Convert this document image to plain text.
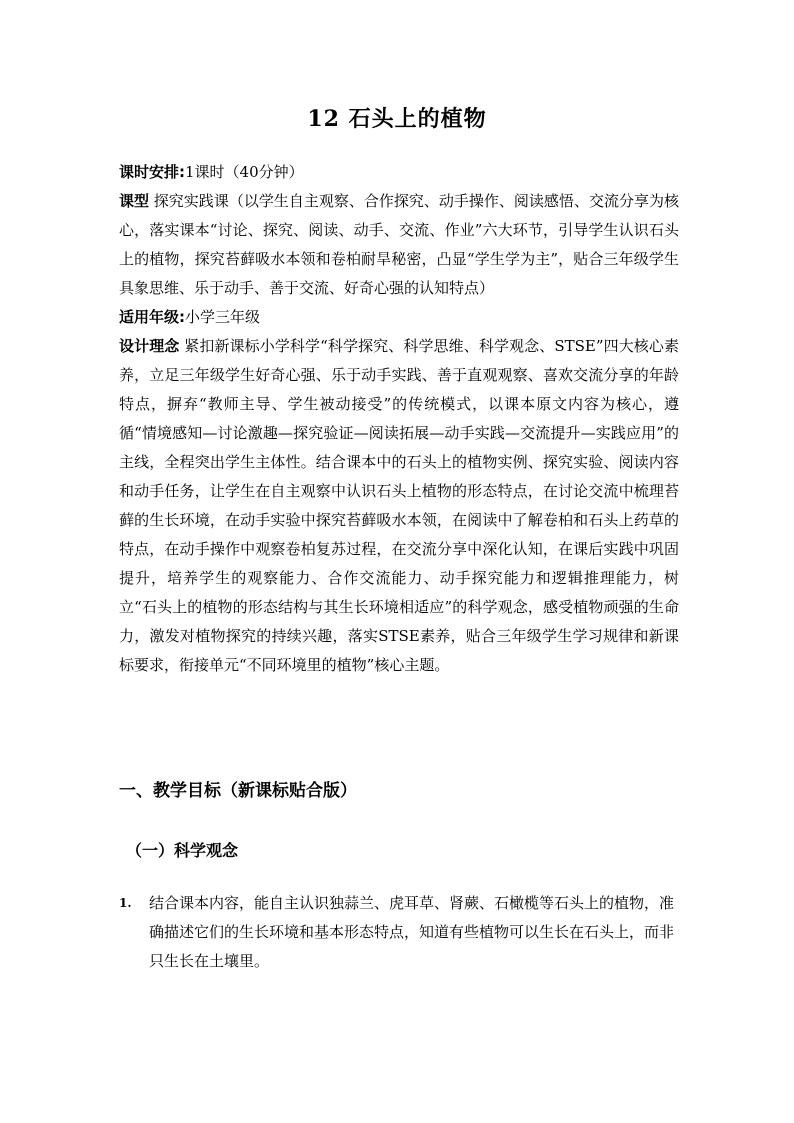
12 石头上的植物

课时安排:1课时（40分钟）

课型 探究实践课（以学生自主观察、合作探究、动手操作、阅读感悟、交流分享为核心，落实课本“讨论、探究、阅读、动手、交流、作业”六大环节，引导学生认识石头上的植物，探究苔藓吸水本领和卷柏耐旱秘密，凸显“学生学为主”，贴合三年级学生具象思维、乐于动手、善于交流、好奇心强的认知特点）

适用年级:小学三年级

设计理念 紧扣新课标小学科学“科学探究、科学思维、科学观念、STSE”四大核心素养，立足三年级学生好奇心强、乐于动手实践、善于直观观察、喜欢交流分享的年龄特点，摒弃“教师主导、学生被动接受”的传统模式，以课本原文内容为核心，遵循“情境感知—讨论激趣—探究验证—阅读拓展—动手实践—交流提升—实践应用”的主线，全程突出学生主体性。结合课本中的石头上的植物实例、探究实验、阅读内容和动手任务，让学生在自主观察中认识石头上植物的形态特点，在讨论交流中梳理苔藓的生长环境，在动手实验中探究苔藓吸水本领，在阅读中了解卷柏和石头上药草的特点，在动手操作中观察卷柏复苏过程，在交流分享中深化认知，在课后实践中巩固提升，培养学生的观察能力、合作交流能力、动手探究能力和逻辑推理能力，树立“石头上的植物的形态结构与其生长环境相适应”的科学观念，感受植物顽强的生命力，激发对植物探究的持续兴趣，落实STSE素养，贴合三年级学生学习规律和新课标要求，衔接单元“不同环境里的植物”核心主题。

一、教学目标（新课标贴合版）
（一）科学观念
1.	结合课本内容，能自主认识独蒜兰、虎耳草、肾蕨、石橄榄等石头上的植物，准确描述它们的生长环境和基本形态特点，知道有些植物可以生长在石头上，而非只生长在土壤里。
